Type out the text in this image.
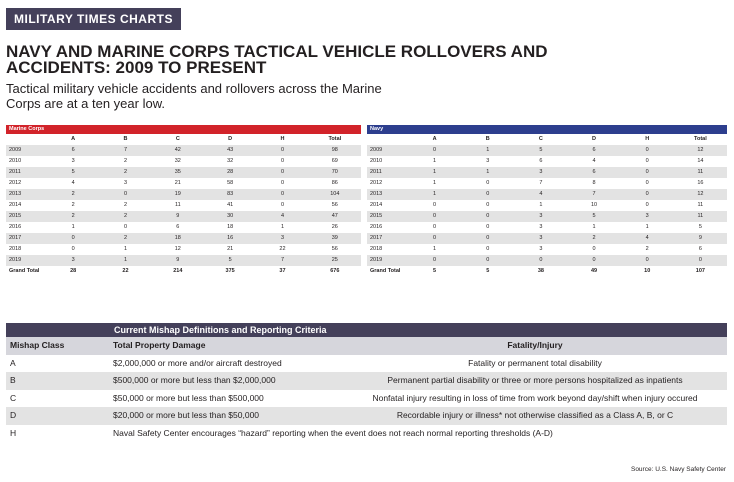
MILITARY TIMES CHARTS
NAVY AND MARINE CORPS TACTICAL VEHICLE ROLLOVERS AND ACCIDENTS: 2009 TO PRESENT
Tactical military vehicle accidents and rollovers across the Marine Corps are at a ten year low.
Marine Corps
	A	B	C	D	H	Total
2009	6	7	42	43	0	98
2010	3	2	32	32	0	69
2011	5	2	35	28	0	70
2012	4	3	21	58	0	86
2013	2	0	19	83	0	104
2014	2	2	11	41	0	56
2015	2	2	9	30	4	47
2016	1	0	6	18	1	26
2017	0	2	18	16	3	39
2018	0	1	12	21	22	56
2019	3	1	9	5	7	25
Grand Total	28	22	214	375	37	676
Navy
	A	B	C	D	H	Total
2009	0	1	5	6	0	12
2010	1	3	6	4	0	14
2011	1	1	3	6	0	11
2012	1	0	7	8	0	16
2013	1	0	4	7	0	12
2014	0	0	1	10	0	11
2015	0	0	3	5	3	11
2016	0	0	3	1	1	5
2017	0	0	3	2	4	9
2018	1	0	3	0	2	6
2019	0	0	0	0	0	0
Grand Total	5	5	38	49	10	107
Current Mishap Definitions and Reporting Criteria
Mishap Class	Total Property Damage	Fatality/Injury
A	$2,000,000 or more and/or aircraft destroyed	Fatality or permanent total disability
B	$500,000 or more but less than $2,000,000	Permanent partial disability or three or more persons hospitalized as inpatients
C	$50,000 or more but less than $500,000	Nonfatal injury resulting in loss of time from work beyond day/shift when injury occured
D	$20,000 or more but less than $50,000	Recordable injury or illness* not otherwise classified as a Class A, B, or C
H	Naval Safety Center encourages “hazard” reporting when the event does not reach normal reporting thresholds (A-D)	
Source: U.S. Navy Safety Center
